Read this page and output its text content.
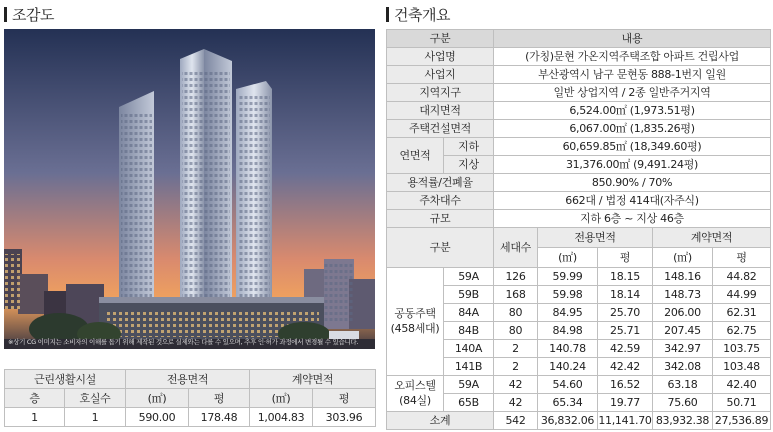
조감도	건축개요
※상기 CG 이미지는 소비자의 이해를 돕기 위해 제작된 것으로 실제와는 다를 수 있으며, 추후 인·허가 과정에서 변경될 수 있습니다.
근린생활시설		전용면적		계약면적	
층	호실수	(㎡)	평	(㎡)	평
1	1	590.00	178.48	1,004.83	303.96
구분		내용				
사업명		(가칭)문현 가온지역주택조합 아파트 건립사업				
사업지		부산광역시 남구 문현동 888-1번지 일원				
지역지구		일반 상업지역 / 2종 일반주거지역				
대지면적		6,524.00㎡ (1,973.51평)				
주택건설면적		6,067.00㎡ (1,835.26평)				
연면적	지하	60,659.85㎡ (18,349.60평)				
	지상	31,376.00㎡ (9,491.24평)				
용적률/건폐율		850.90% / 70%				
주차대수		662대 / 법정 414대(자주식)				
규모		지하 6층 ~ 지상 46층				
구분		세대수	전용면적		계약면적	
			(㎡)	평	(㎡)	평
공동주택
(458세대)	59A	126	59.99	18.15	148.16	44.82
	59B	168	59.98	18.14	148.73	44.99
	84A	80	84.95	25.70	206.00	62.31
	84B	80	84.98	25.71	207.45	62.75
	140A	2	140.78	42.59	342.97	103.75
	141B	2	140.24	42.42	342.08	103.48
오피스텔
(84실)	59A	42	54.60	16.52	63.18	42.40
	65B	42	65.34	19.77	75.60	50.71
소계		542	36,832.06	11,141.70	83,932.38	27,536.89
